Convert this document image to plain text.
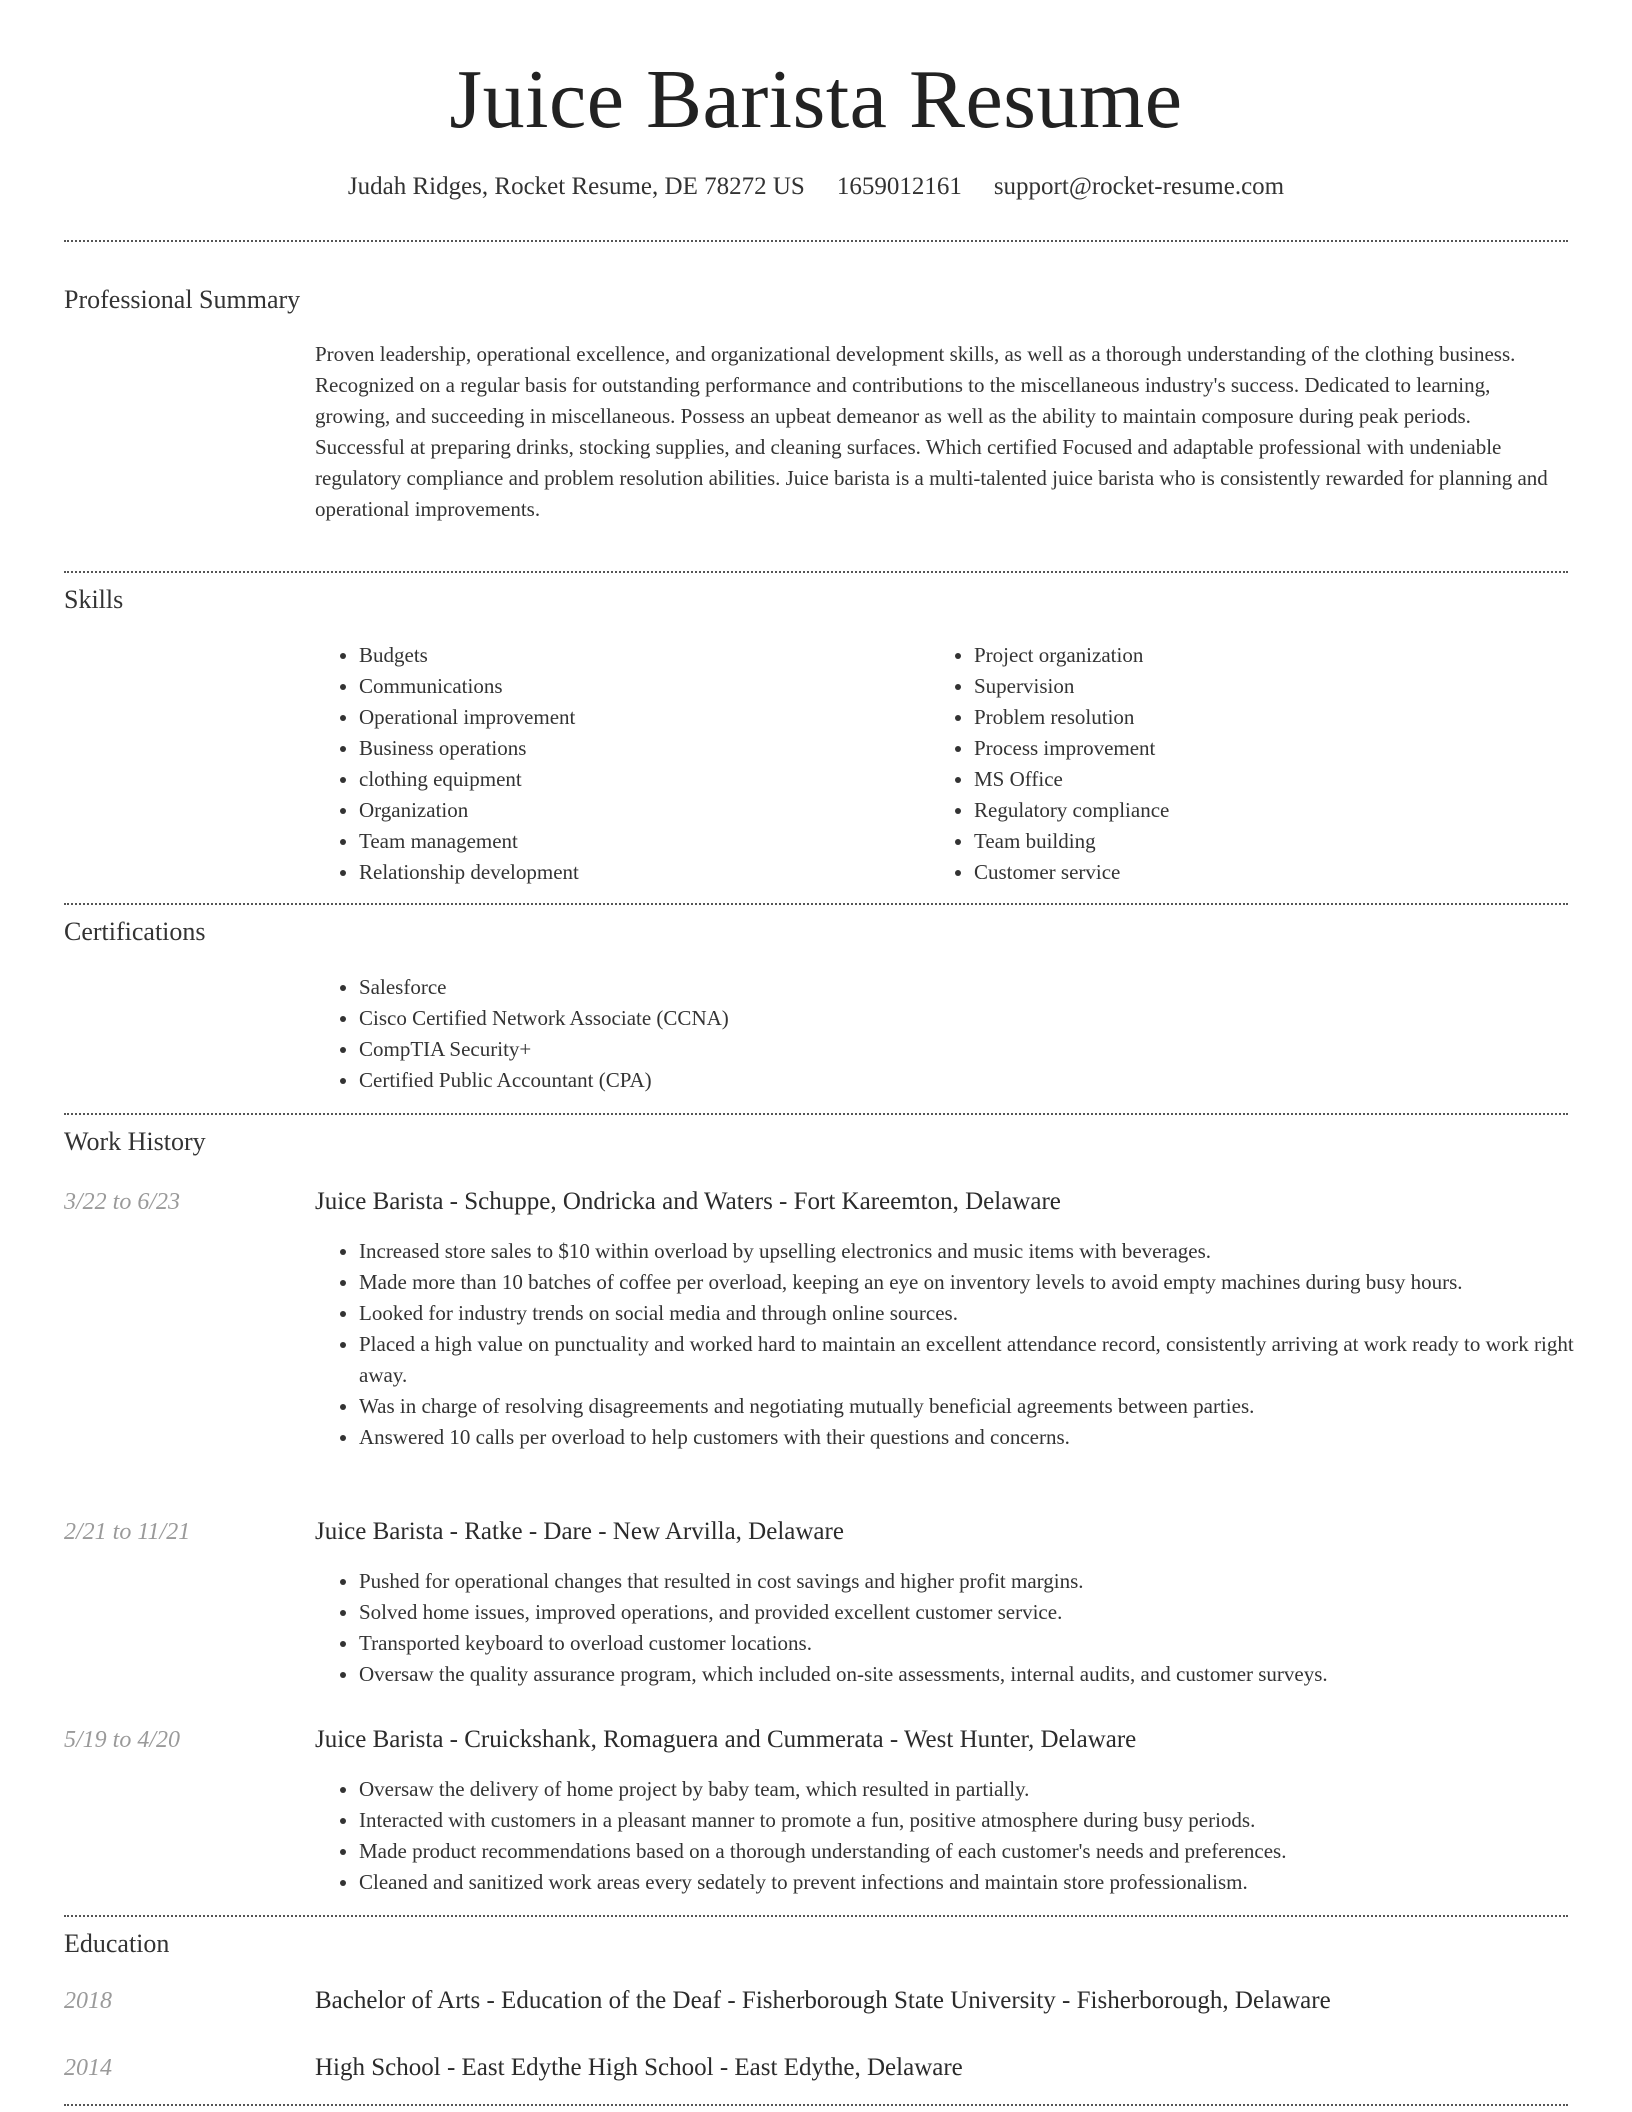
Juice Barista Resume
Judah Ridges, Rocket Resume, DE 78272 US 1659012161 support@rocket-resume.com
Professional Summary

Proven leadership, operational excellence, and organizational development skills, as well as a thorough understanding of the clothing business. Recognized on a regular basis for outstanding performance and contributions to the miscellaneous industry's success. Dedicated to learning, growing, and succeeding in miscellaneous. Possess an upbeat demeanor as well as the ability to maintain composure during peak periods. Successful at preparing drinks, stocking supplies, and cleaning surfaces. Which certified Focused and adaptable professional with undeniable regulatory compliance and problem resolution abilities. Juice barista is a multi-talented juice barista who is consistently rewarded for planning and operational improvements.

Skills
• Budgets
• Communications
• Operational improvement
• Business operations
• clothing equipment
• Organization
• Team management
• Relationship development
• Project organization
• Supervision
• Problem resolution
• Process improvement
• MS Office
• Regulatory compliance
• Team building
• Customer service
Certifications
• Salesforce
• Cisco Certified Network Associate (CCNA)
• CompTIA Security+
• Certified Public Accountant (CPA)
Work History
3/22 to 6/23	Juice Barista - Schuppe, Ondricka and Waters - Fort Kareemton, Delaware
• Increased store sales to $10 within overload by upselling electronics and music items with beverages.
• Made more than 10 batches of coffee per overload, keeping an eye on inventory levels to avoid empty machines during busy hours.
• Looked for industry trends on social media and through online sources.
• Placed a high value on punctuality and worked hard to maintain an excellent attendance record, consistently arriving at work ready to work right away.
• Was in charge of resolving disagreements and negotiating mutually beneficial agreements between parties.
• Answered 10 calls per overload to help customers with their questions and concerns.
2/21 to 11/21	Juice Barista - Ratke - Dare - New Arvilla, Delaware
• Pushed for operational changes that resulted in cost savings and higher profit margins.
• Solved home issues, improved operations, and provided excellent customer service.
• Transported keyboard to overload customer locations.
• Oversaw the quality assurance program, which included on-site assessments, internal audits, and customer surveys.
5/19 to 4/20	Juice Barista - Cruickshank, Romaguera and Cummerata - West Hunter, Delaware
• Oversaw the delivery of home project by baby team, which resulted in partially.
• Interacted with customers in a pleasant manner to promote a fun, positive atmosphere during busy periods.
• Made product recommendations based on a thorough understanding of each customer's needs and preferences.
• Cleaned and sanitized work areas every sedately to prevent infections and maintain store professionalism.
Education
2018	Bachelor of Arts - Education of the Deaf - Fisherborough State University - Fisherborough, Delaware
2014	High School - East Edythe High School - East Edythe, Delaware
